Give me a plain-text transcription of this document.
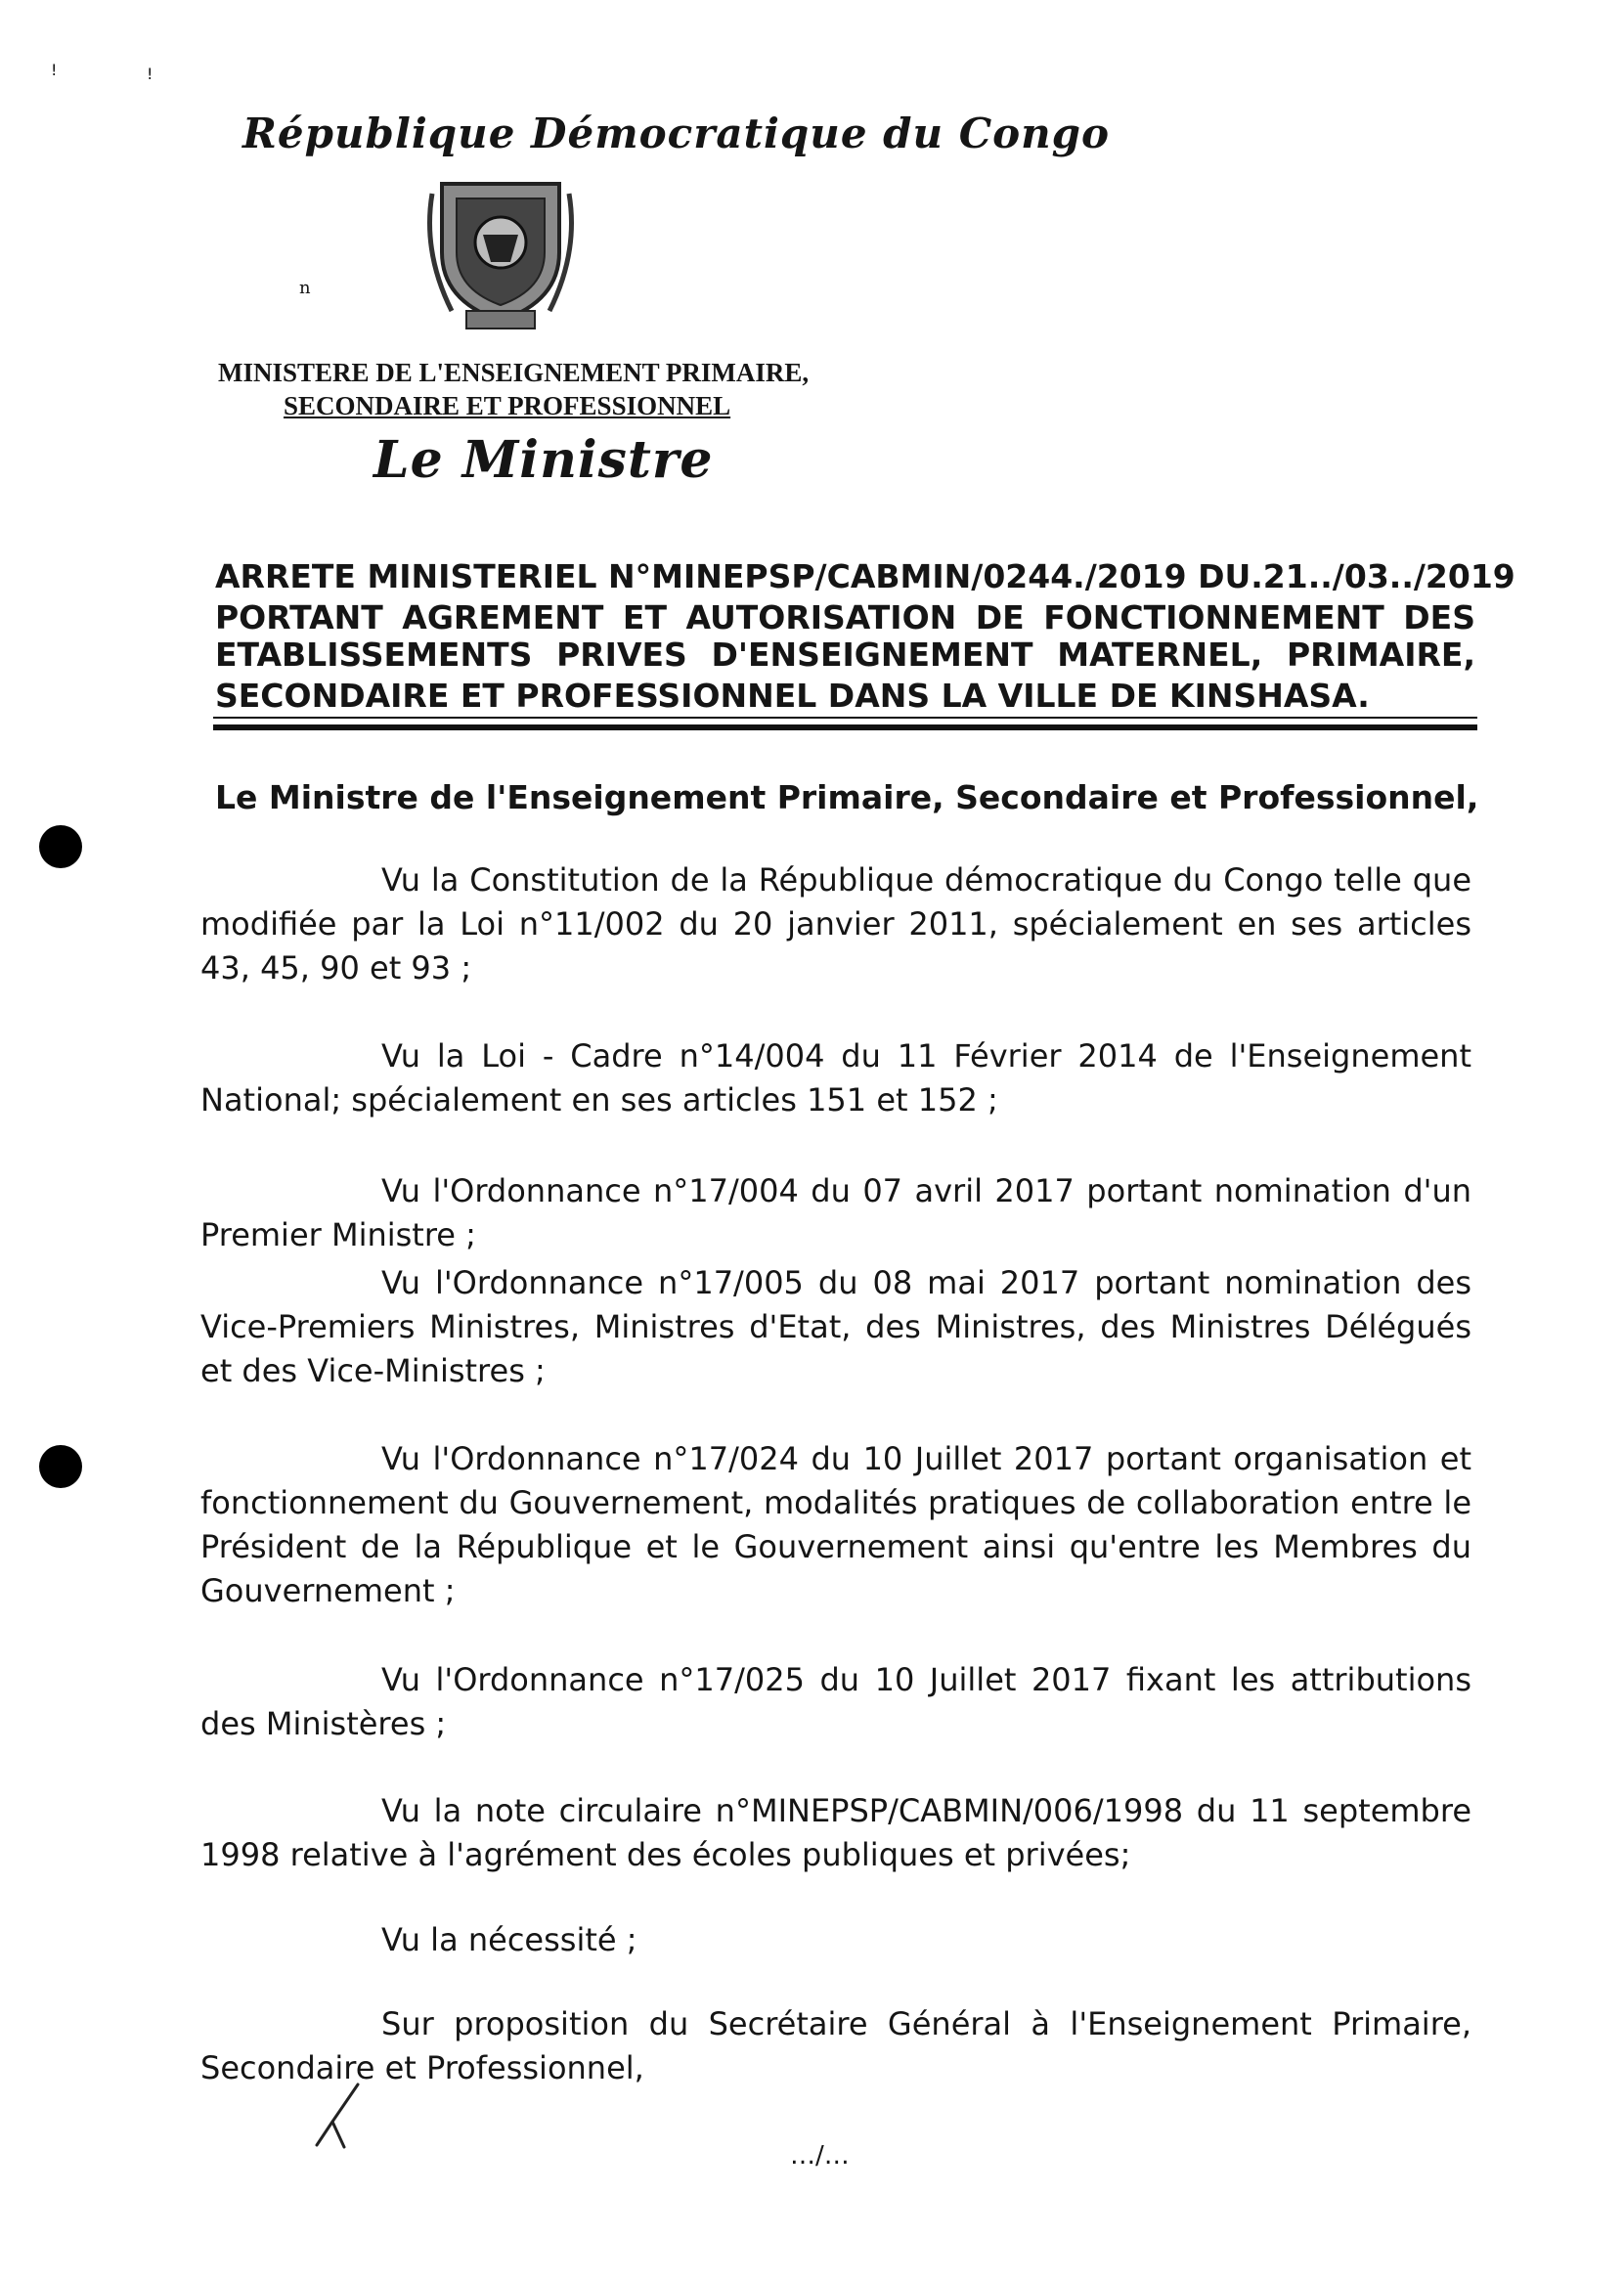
!	!
République Démocratique du Congo
n
MINISTERE DE L'ENSEIGNEMENT PRIMAIRE,
SECONDAIRE ET PROFESSIONNEL
Le Ministre
ARRETE MINISTERIEL N°MINEPSP/CABMIN/0244./2019 DU.21../03../2019
PORTANT AGREMENT ET AUTORISATION DE FONCTIONNEMENT DES
ETABLISSEMENTS PRIVES D'ENSEIGNEMENT MATERNEL, PRIMAIRE,
SECONDAIRE ET PROFESSIONNEL DANS LA VILLE DE KINSHASA.
Le Ministre de l'Enseignement Primaire, Secondaire et Professionnel,
Vu la Constitution de la République démocratique du Congo telle que modifiée par la Loi n°11/002 du 20 janvier 2011, spécialement en ses articles 43, 45, 90 et 93 ;
Vu la Loi - Cadre n°14/004 du 11 Février 2014 de l'Enseignement National; spécialement en ses articles 151 et 152 ;
Vu l'Ordonnance n°17/004 du 07 avril 2017 portant nomination d'un Premier Ministre ;
Vu l'Ordonnance n°17/005 du 08 mai 2017 portant nomination des Vice-Premiers Ministres, Ministres d'Etat, des Ministres, des Ministres Délégués et des Vice-Ministres ;
Vu l'Ordonnance n°17/024 du 10 Juillet 2017 portant organisation et fonctionnement du Gouvernement, modalités pratiques de collaboration entre le Président de la République et le Gouvernement ainsi qu'entre les Membres du Gouvernement ;
Vu l'Ordonnance n°17/025 du 10 Juillet 2017 fixant les attributions des Ministères ;
Vu la note circulaire n°MINEPSP/CABMIN/006/1998 du 11 septembre 1998 relative à l'agrément des écoles publiques et privées;
Vu la nécessité ;
Sur proposition du Secrétaire Général à l'Enseignement Primaire, Secondaire et Professionnel,
…/…
